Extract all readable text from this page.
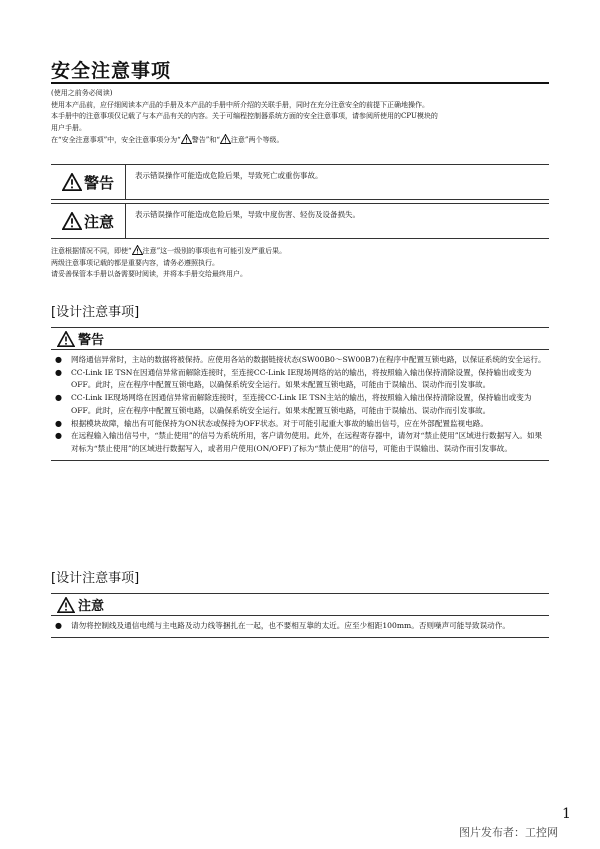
安全注意事项

(使用之前务必阅读)

使用本产品前，应仔细阅读本产品的手册及本产品的手册中所介绍的关联手册，同时在充分注意安全的前提下正确地操作。

本手册中的注意事项仅记载了与本产品有关的内容。关于可编程控制器系统方面的安全注意事项，请参阅所使用的CPU模块的

用户手册。

在“安全注意事项”中，安全注意事项分为“ 警告”和“ 注意”两个等级。

警告	表示错误操作可能造成危险后果，导致死亡或重伤事故。
注意	表示错误操作可能造成危险后果，导致中度伤害、轻伤及设备损失。

注意根据情况不同，即使“ 注意”这一级别的事项也有可能引发严重后果。

两级注意事项记载的都是重要内容，请务必遵照执行。

请妥善保管本手册以备需要时阅读，并将本手册交给最终用户。

[设计注意事项]
警告
● 网络通信异常时，主站的数据将被保持。应使用各站的数据链接状态(SW00B0～SW00B7)在程序中配置互锁电路，以保证系统的安全运行。
● CC-Link IE TSN在因通信异常而解除连接时，至连接CC-Link IE现场网络的站的输出，将按照输入输出保持清除设置，保持输出或变为OFF。此时，应在程序中配置互锁电路，以确保系统安全运行。如果未配置互锁电路，可能由于误输出、误动作而引发事故。
● CC-Link IE现场网络在因通信异常而解除连接时，至连接CC-Link IE TSN主站的输出，将按照输入输出保持清除设置，保持输出或变为OFF。此时，应在程序中配置互锁电路，以确保系统安全运行。如果未配置互锁电路，可能由于误输出、误动作而引发事故。
● 根据模块故障，输出有可能保持为ON状态或保持为OFF状态。对于可能引起重大事故的输出信号，应在外部配置监视电路。
● 在远程输入输出信号中，“禁止使用”的信号为系统所用，客户请勿使用。此外，在远程寄存器中，请勿对“禁止使用”区域进行数据写入。如果对标为“禁止使用”的区域进行数据写入，或者用户使用(ON/OFF)了标为“禁止使用”的信号，可能由于误输出、误动作而引发事故。
[设计注意事项]
注意
● 请勿将控制线及通信电缆与主电路及动力线等捆扎在一起，也不要相互靠的太近。应至少相距100mm。否则噪声可能导致误动作。
1
图片发布者：工控网
